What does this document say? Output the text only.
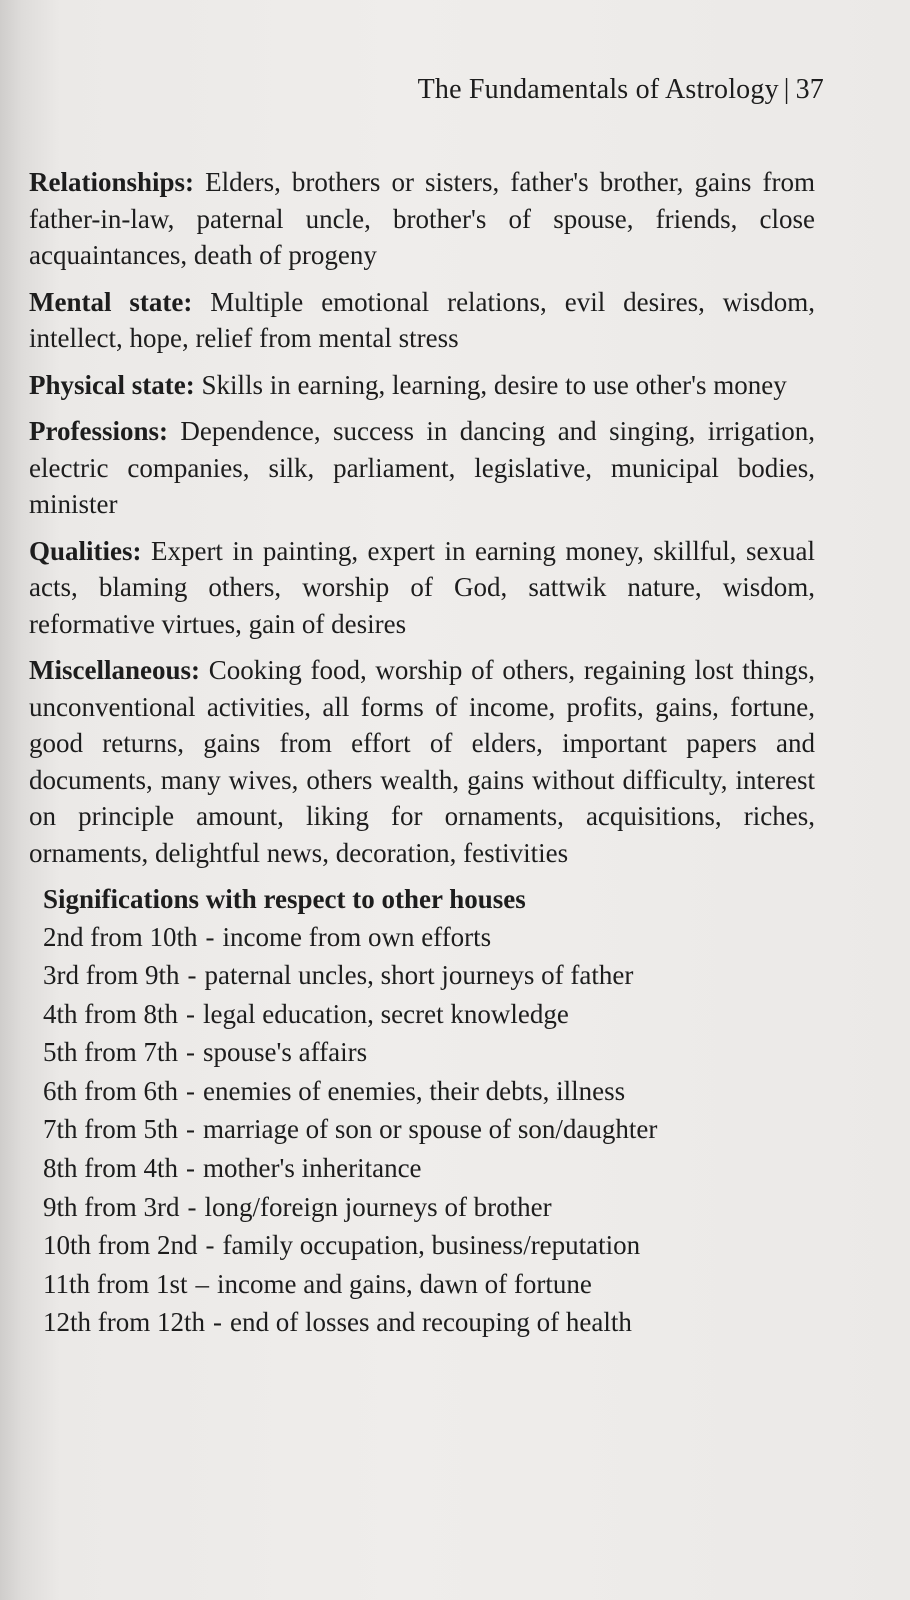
The Fundamentals of Astrology | 37

Relationships: Elders, brothers or sisters, father's brother, gains from father-in-law, paternal uncle, brother's of spouse, friends, close acquaintances, death of progeny

Mental state: Multiple emotional relations, evil desires, wisdom, intellect, hope, relief from mental stress

Physical state: Skills in earning, learning, desire to use other's money

Professions: Dependence, success in dancing and singing, irrigation, electric companies, silk, parliament, legislative, municipal bodies, minister

Qualities: Expert in painting, expert in earning money, skillful, sexual acts, blaming others, worship of God, sattwik nature, wisdom, reformative virtues, gain of desires

Miscellaneous: Cooking food, worship of others, regaining lost things, unconventional activities, all forms of income, profits, gains, fortune, good returns, gains from effort of elders, important papers and documents, many wives, others wealth, gains without difficulty, interest on principle amount, liking for ornaments, acquisitions, riches, ornaments, delightful news, decoration, festivities

Significations with respect to other houses
2nd from 10th - income from own efforts
3rd from 9th - paternal uncles, short journeys of father
4th from 8th - legal education, secret knowledge
5th from 7th - spouse's affairs
6th from 6th - enemies of enemies, their debts, illness
7th from 5th - marriage of son or spouse of son/daughter
8th from 4th - mother's inheritance
9th from 3rd - long/foreign journeys of brother
10th from 2nd - family occupation, business/reputation
11th from 1st – income and gains, dawn of fortune
12th from 12th - end of losses and recouping of health
